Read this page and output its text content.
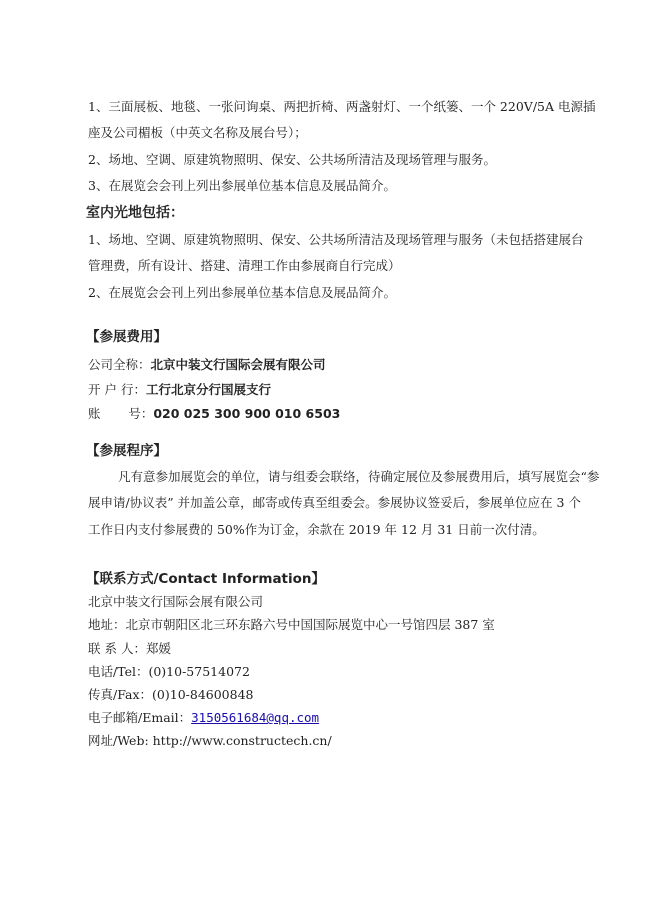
1、三面展板、地毯、一张问询桌、两把折椅、两盏射灯、一个纸篓、一个 220V/5A 电源插
座及公司楣板（中英文名称及展台号）；
2、场地、空调、原建筑物照明、保安、公共场所清洁及现场管理与服务。
3、在展览会会刊上列出参展单位基本信息及展品简介。
室内光地包括：
1、场地、空调、原建筑物照明、保安、公共场所清洁及现场管理与服务（未包括搭建展台
管理费，所有设计、搭建、清理工作由参展商自行完成）
2、在展览会会刊上列出参展单位基本信息及展品简介。
【参展费用】
公司全称：北京中装文行国际会展有限公司
开 户 行：工行北京分行国展支行
账       号：020 025 300 900 010 6503
【参展程序】
凡有意参加展览会的单位，请与组委会联络，待确定展位及参展费用后，填写展览会“参
展申请/协议表” 并加盖公章，邮寄或传真至组委会。参展协议签妥后，参展单位应在 3 个
工作日内支付参展费的 50%作为订金，余款在 2019 年 12 月 31 日前一次付清。
【联系方式/Contact Information】
北京中装文行国际会展有限公司
地址：北京市朝阳区北三环东路六号中国国际展览中心一号馆四层 387 室
联 系 人：郑媛
电话/Tel：(0)10-57514072
传真/Fax：(0)10-84600848
电子邮箱/Email：3150561684@qq.com
网址/Web: http://www.constructech.cn/
